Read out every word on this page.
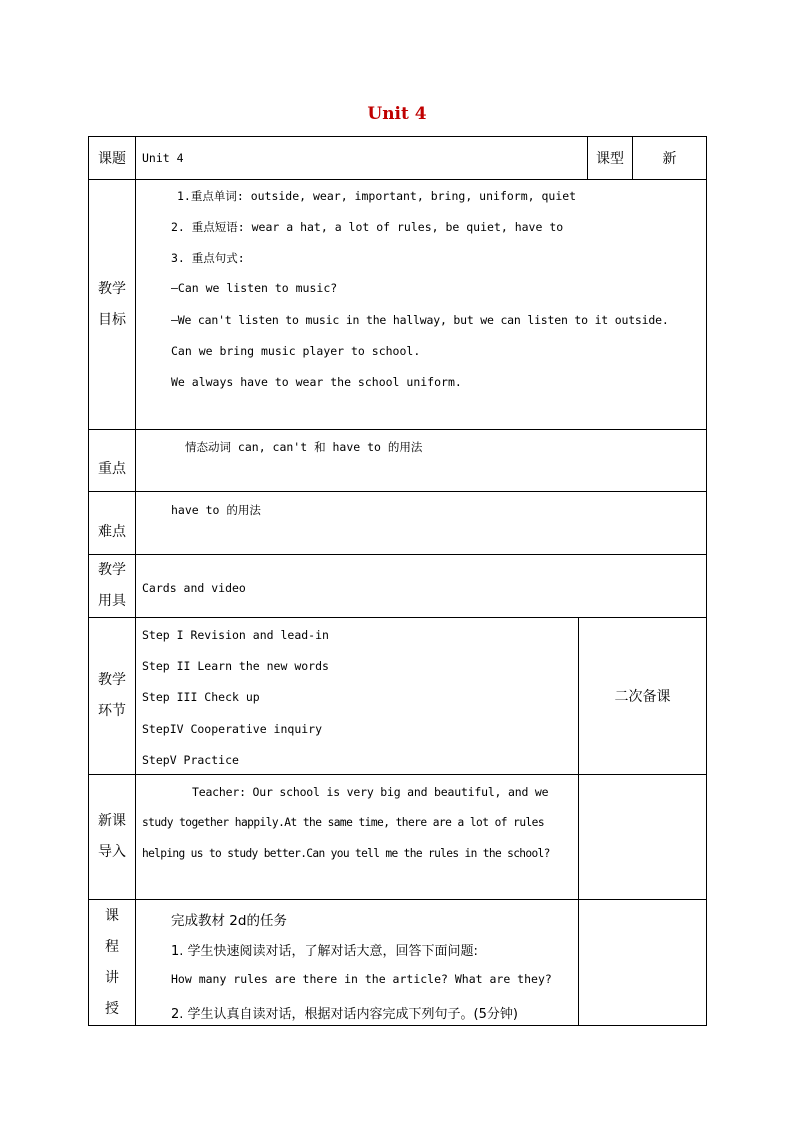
Unit 4
课题 Unit 4	课型	新
教学
目标
1.重点单词: outside, wear, important, bring, uniform, quiet
2. 重点短语: wear a hat, a lot of rules, be quiet, have to
3. 重点句式:
—Can we listen to music?
—We can't listen to music in the hallway, but we can listen to it outside.
Can we bring music player to school.
We always have to wear the school uniform.
重点
情态动词 can, can't 和 have to 的用法
难点
have to 的用法
教学
用具
Cards and video
教学
环节
Step I Revision and lead-in
Step II Learn the new words
Step III Check up
StepIV Cooperative inquiry
StepV Practice
二次备课
新课
导入
Teacher: Our school is very big and beautiful, and we
study together happily.At the same time, there are a lot of rules
helping us to study better.Can you tell me the rules in the school?
课
程
讲
授
完成教材 2d的任务
1. 学生快速阅读对话，了解对话大意，回答下面问题:
How many rules are there in the article? What are they?
2. 学生认真自读对话，根据对话内容完成下列句子。(5分钟)
